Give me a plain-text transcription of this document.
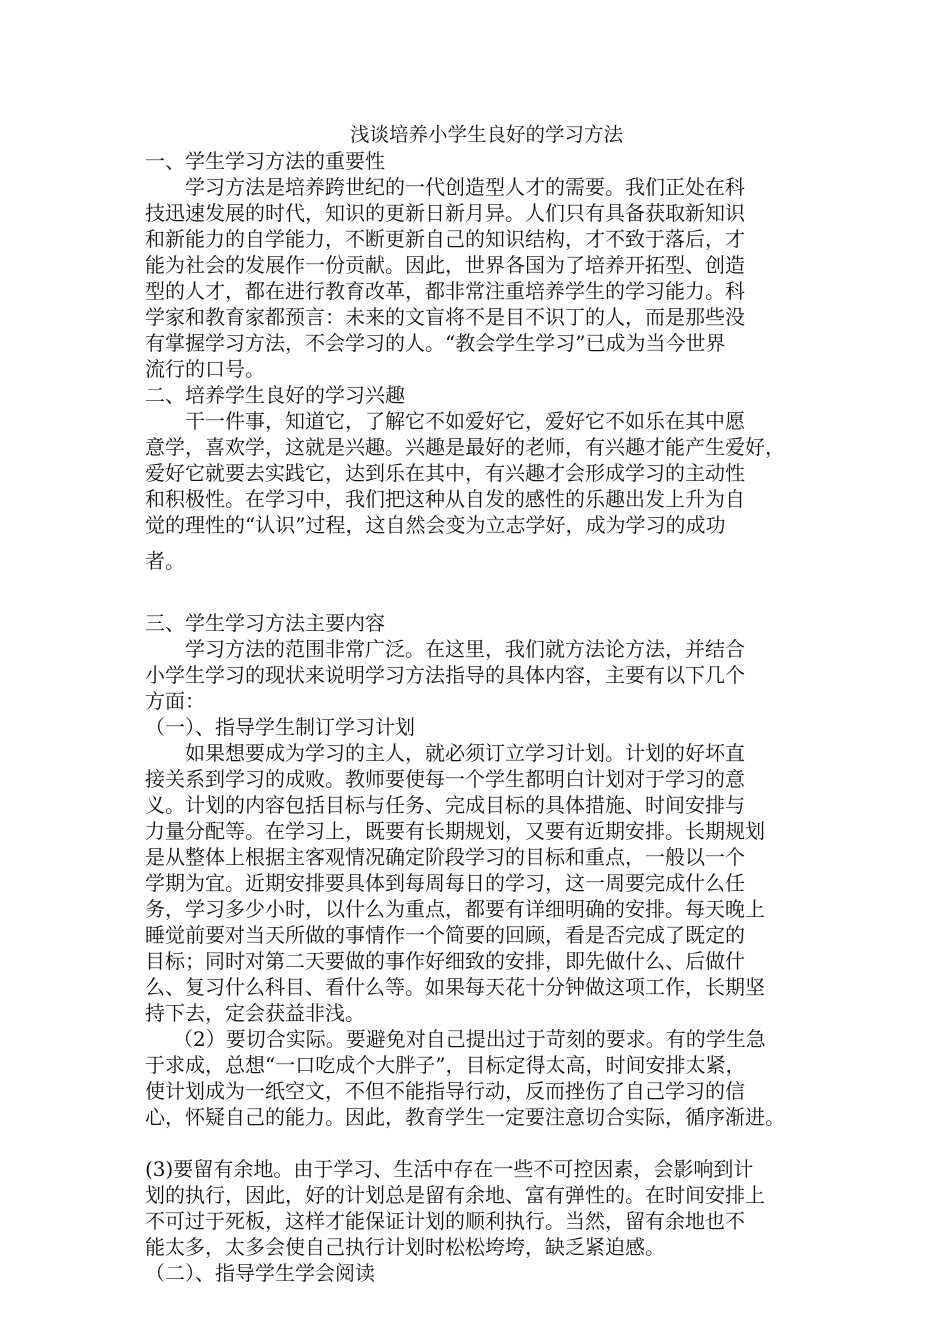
浅谈培养小学生良好的学习方法

一、学生学习方法的重要性

学习方法是培养跨世纪的一代创造型人才的需要。我们正处在科

技迅速发展的时代，知识的更新日新月异。人们只有具备获取新知识

和新能力的自学能力，不断更新自己的知识结构，才不致于落后，才

能为社会的发展作一份贡献。因此，世界各国为了培养开拓型、创造

型的人才，都在进行教育改革，都非常注重培养学生的学习能力。科

学家和教育家都预言：未来的文盲将不是目不识丁的人，而是那些没

有掌握学习方法，不会学习的人。“教会学生学习”已成为当今世界

流行的口号。

二、培养学生良好的学习兴趣

干一件事，知道它，了解它不如爱好它，爱好它不如乐在其中愿

意学，喜欢学，这就是兴趣。兴趣是最好的老师，有兴趣才能产生爱好，

爱好它就要去实践它，达到乐在其中，有兴趣才会形成学习的主动性

和积极性。在学习中，我们把这种从自发的感性的乐趣出发上升为自

觉的理性的“认识”过程，这自然会变为立志学好，成为学习的成功

者。

三、学生学习方法主要内容

学习方法的范围非常广泛。在这里，我们就方法论方法，并结合

小学生学习的现状来说明学习方法指导的具体内容，主要有以下几个

方面：

（一）、指导学生制订学习计划

如果想要成为学习的主人，就必须订立学习计划。计划的好坏直

接关系到学习的成败。教师要使每一个学生都明白计划对于学习的意

义。计划的内容包括目标与任务、完成目标的具体措施、时间安排与

力量分配等。在学习上，既要有长期规划，又要有近期安排。长期规划

是从整体上根据主客观情况确定阶段学习的目标和重点，一般以一个

学期为宜。近期安排要具体到每周每日的学习，这一周要完成什么任

务，学习多少小时，以什么为重点，都要有详细明确的安排。每天晚上

睡觉前要对当天所做的事情作一个简要的回顾，看是否完成了既定的

目标；同时对第二天要做的事作好细致的安排，即先做什么、后做什

么、复习什么科目、看什么等。如果每天花十分钟做这项工作，长期坚

持下去，定会获益非浅。

（2）要切合实际。要避免对自己提出过于苛刻的要求。有的学生急

于求成，总想“一口吃成个大胖子”，目标定得太高，时间安排太紧，

使计划成为一纸空文，不但不能指导行动，反而挫伤了自己学习的信

心，怀疑自己的能力。因此，教育学生一定要注意切合实际，循序渐进。

(3)要留有余地。由于学习、生活中存在一些不可控因素，会影响到计

划的执行，因此，好的计划总是留有余地、富有弹性的。在时间安排上

不可过于死板，这样才能保证计划的顺利执行。当然，留有余地也不

能太多，太多会使自己执行计划时松松垮垮，缺乏紧迫感。

（二）、指导学生学会阅读
